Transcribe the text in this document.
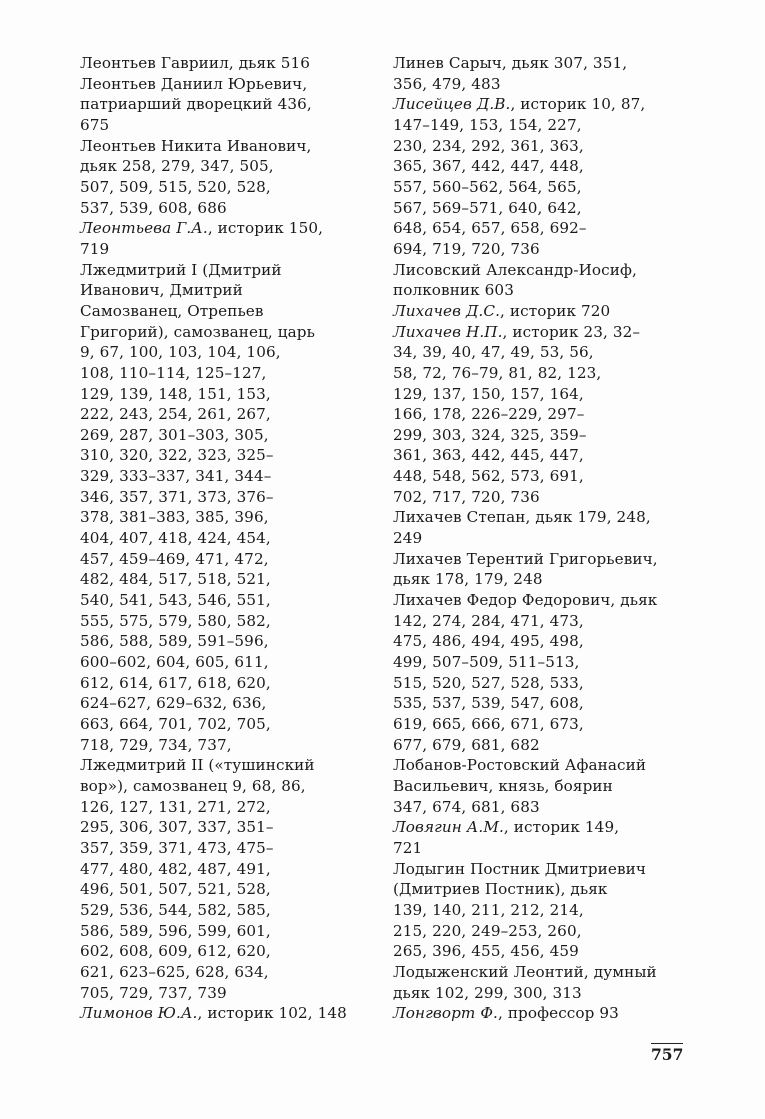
Леонтьев Гавриил, дьяк 516
Леонтьев Даниил Юрьевич,
патриарший дворецкий 436,
675
Леонтьев Никита Иванович,
дьяк 258, 279, 347, 505,
507, 509, 515, 520, 528,
537, 539, 608, 686
Леонтьева Г.А., историк 150,
719
Лжедмитрий I (Дмитрий
Иванович, Дмитрий
Самозванец, Отрепьев
Григорий), самозванец, царь
9, 67, 100, 103, 104, 106,
108, 110–114, 125–127,
129, 139, 148, 151, 153,
222, 243, 254, 261, 267,
269, 287, 301–303, 305,
310, 320, 322, 323, 325–
329, 333–337, 341, 344–
346, 357, 371, 373, 376–
378, 381–383, 385, 396,
404, 407, 418, 424, 454,
457, 459–469, 471, 472,
482, 484, 517, 518, 521,
540, 541, 543, 546, 551,
555, 575, 579, 580, 582,
586, 588, 589, 591–596,
600–602, 604, 605, 611,
612, 614, 617, 618, 620,
624–627, 629–632, 636,
663, 664, 701, 702, 705,
718, 729, 734, 737,
Лжедмитрий II («тушинский
вор»), самозванец 9, 68, 86,
126, 127, 131, 271, 272,
295, 306, 307, 337, 351–
357, 359, 371, 473, 475–
477, 480, 482, 487, 491,
496, 501, 507, 521, 528,
529, 536, 544, 582, 585,
586, 589, 596, 599, 601,
602, 608, 609, 612, 620,
621, 623–625, 628, 634,
705, 729, 737, 739
Лимонов Ю.А., историк 102, 148
Линев Сарыч, дьяк 307, 351,
356, 479, 483
Лисейцев Д.В., историк 10, 87,
147–149, 153, 154, 227,
230, 234, 292, 361, 363,
365, 367, 442, 447, 448,
557, 560–562, 564, 565,
567, 569–571, 640, 642,
648, 654, 657, 658, 692–
694, 719, 720, 736
Лисовский Александр-Иосиф,
полковник 603
Лихачев Д.С., историк 720
Лихачев Н.П., историк 23, 32–
34, 39, 40, 47, 49, 53, 56,
58, 72, 76–79, 81, 82, 123,
129, 137, 150, 157, 164,
166, 178, 226–229, 297–
299, 303, 324, 325, 359–
361, 363, 442, 445, 447,
448, 548, 562, 573, 691,
702, 717, 720, 736
Лихачев Степан, дьяк 179, 248,
249
Лихачев Терентий Григорьевич,
дьяк 178, 179, 248
Лихачев Федор Федорович, дьяк
142, 274, 284, 471, 473,
475, 486, 494, 495, 498,
499, 507–509, 511–513,
515, 520, 527, 528, 533,
535, 537, 539, 547, 608,
619, 665, 666, 671, 673,
677, 679, 681, 682
Лобанов-Ростовский Афанасий
Васильевич, князь, боярин
347, 674, 681, 683
Ловягин А.М., историк 149,
721
Лодыгин Постник Дмитриевич
(Дмитриев Постник), дьяк
139, 140, 211, 212, 214,
215, 220, 249–253, 260,
265, 396, 455, 456, 459
Лодыженский Леонтий, думный
дьяк 102, 299, 300, 313
Лонгворт Ф., профессор 93
757
